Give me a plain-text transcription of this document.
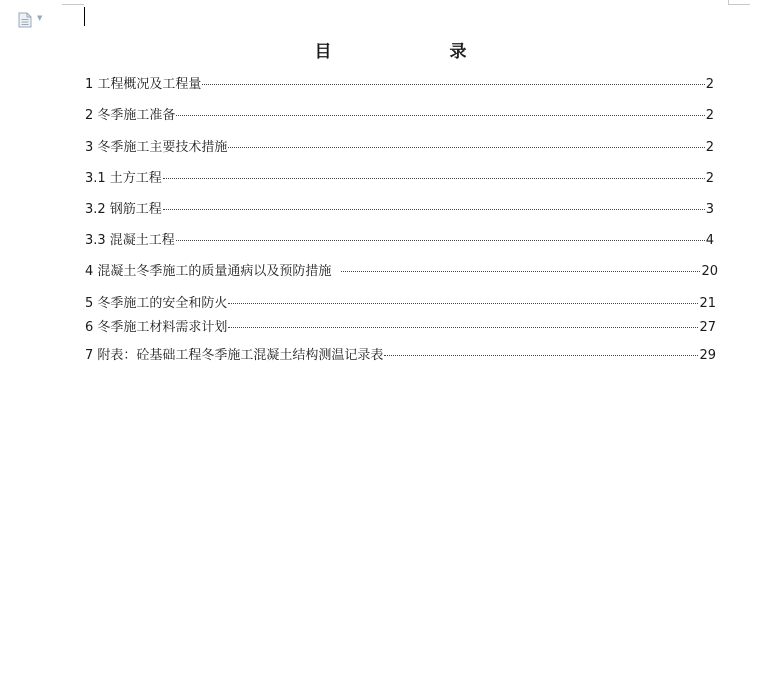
▼
目 录
1 工程概况及工程量	2
2 冬季施工准备	2
3 冬季施工主要技术措施	2
3.1 土方工程	2
3.2 钢筋工程	3
3.3 混凝土工程	4
4 混凝土冬季施工的质量通病以及预防措施	20
5 冬季施工的安全和防火	21
6 冬季施工材料需求计划	27
7 附表：砼基础工程冬季施工混凝土结构测温记录表	29
